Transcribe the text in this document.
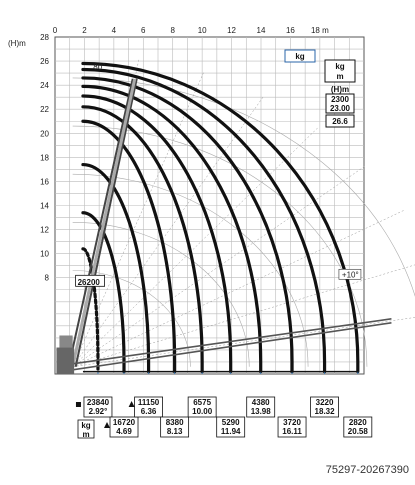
80°
+10°
26200
0	2	4	6	8	10	12	14	16 18 m
8
10
12
14
16
18
20
22
24
26
28
(H)m
kg
kg
m
(H)m
2300
23.00
26.6
23840
2.92°
16720
4.69
11150
6.36
8380
8.13
6575
10.00
5290
11.94
4380
13.98
3720
16.11
3220
18.32
2820
20.58
kg
m
75297-20267390
